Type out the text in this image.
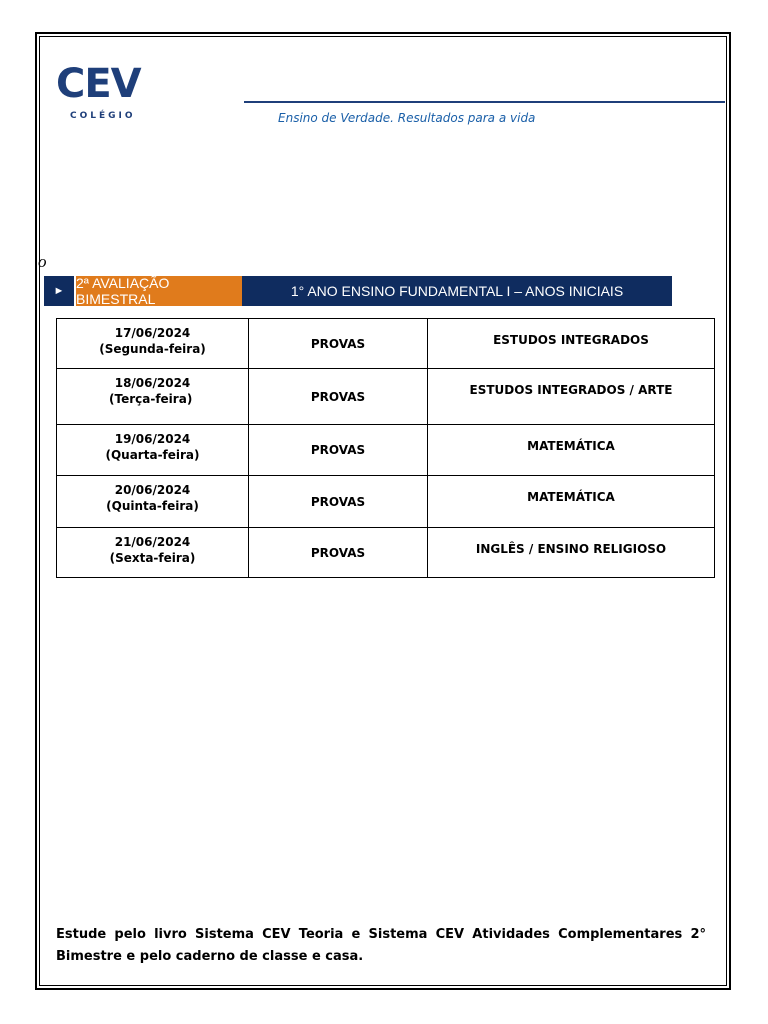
CEV
COLÉGIO	Ensino de Verdade. Resultados para a vida
o
► 2ª AVALIAÇÃO BIMESTRAL	1° ANO ENSINO FUNDAMENTAL I – ANOS INICIAIS
17/06/2024
(Segunda-feira)	PROVAS	ESTUDOS INTEGRADOS

18/06/2024
(Terça-feira)	PROVAS	ESTUDOS INTEGRADOS / ARTE

19/06/2024
(Quarta-feira)	PROVAS	MATEMÁTICA

20/06/2024
(Quinta-feira)	PROVAS	MATEMÁTICA

21/06/2024
(Sexta-feira)	PROVAS	INGLÊS / ENSINO RELIGIOSO
Estude pelo livro Sistema CEV Teoria e Sistema CEV Atividades Complementares 2° Bimestre e pelo caderno de classe e casa.
